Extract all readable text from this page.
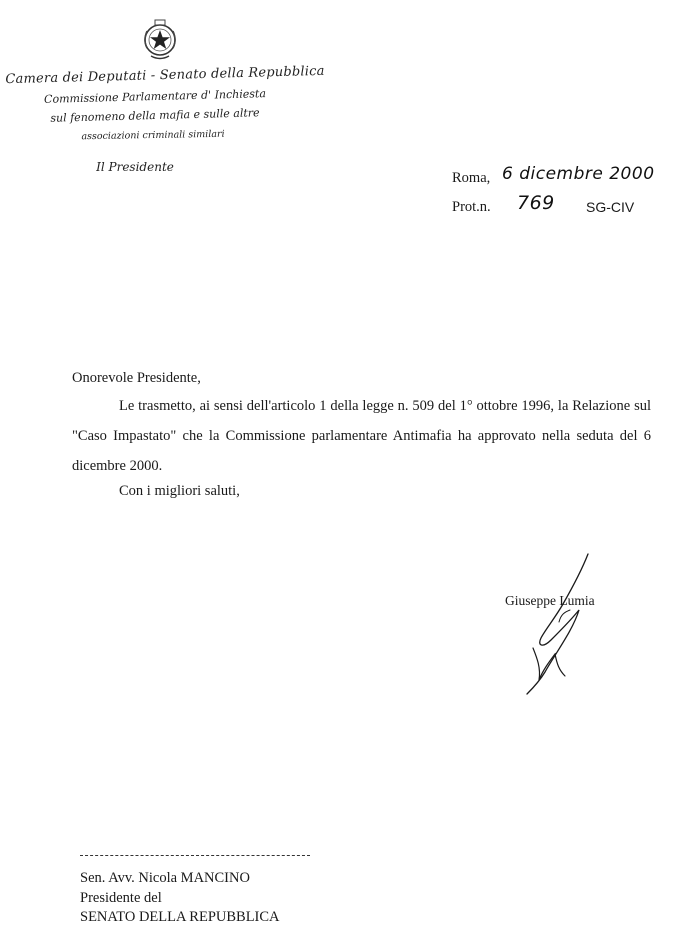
Camera dei Deputati - Senato della Repubblica
Commissione Parlamentare d' Inchiesta
sul fenomeno della mafia e sulle altre
associazioni criminali similari
Il Presidente
Roma, 6 dicembre 2000
Prot.n. 769 SG-CIV
Onorevole Presidente,

Le trasmetto, ai sensi dell'articolo 1 della legge n. 509 del 1° ottobre 1996, la Relazione sul "Caso Impastato" che la Commissione parlamentare Antimafia ha approvato nella seduta del 6 dicembre 2000.

Con i migliori saluti,
Giuseppe Lumia
Sen. Avv. Nicola MANCINO
Presidente del
SENATO DELLA REPUBBLICA
